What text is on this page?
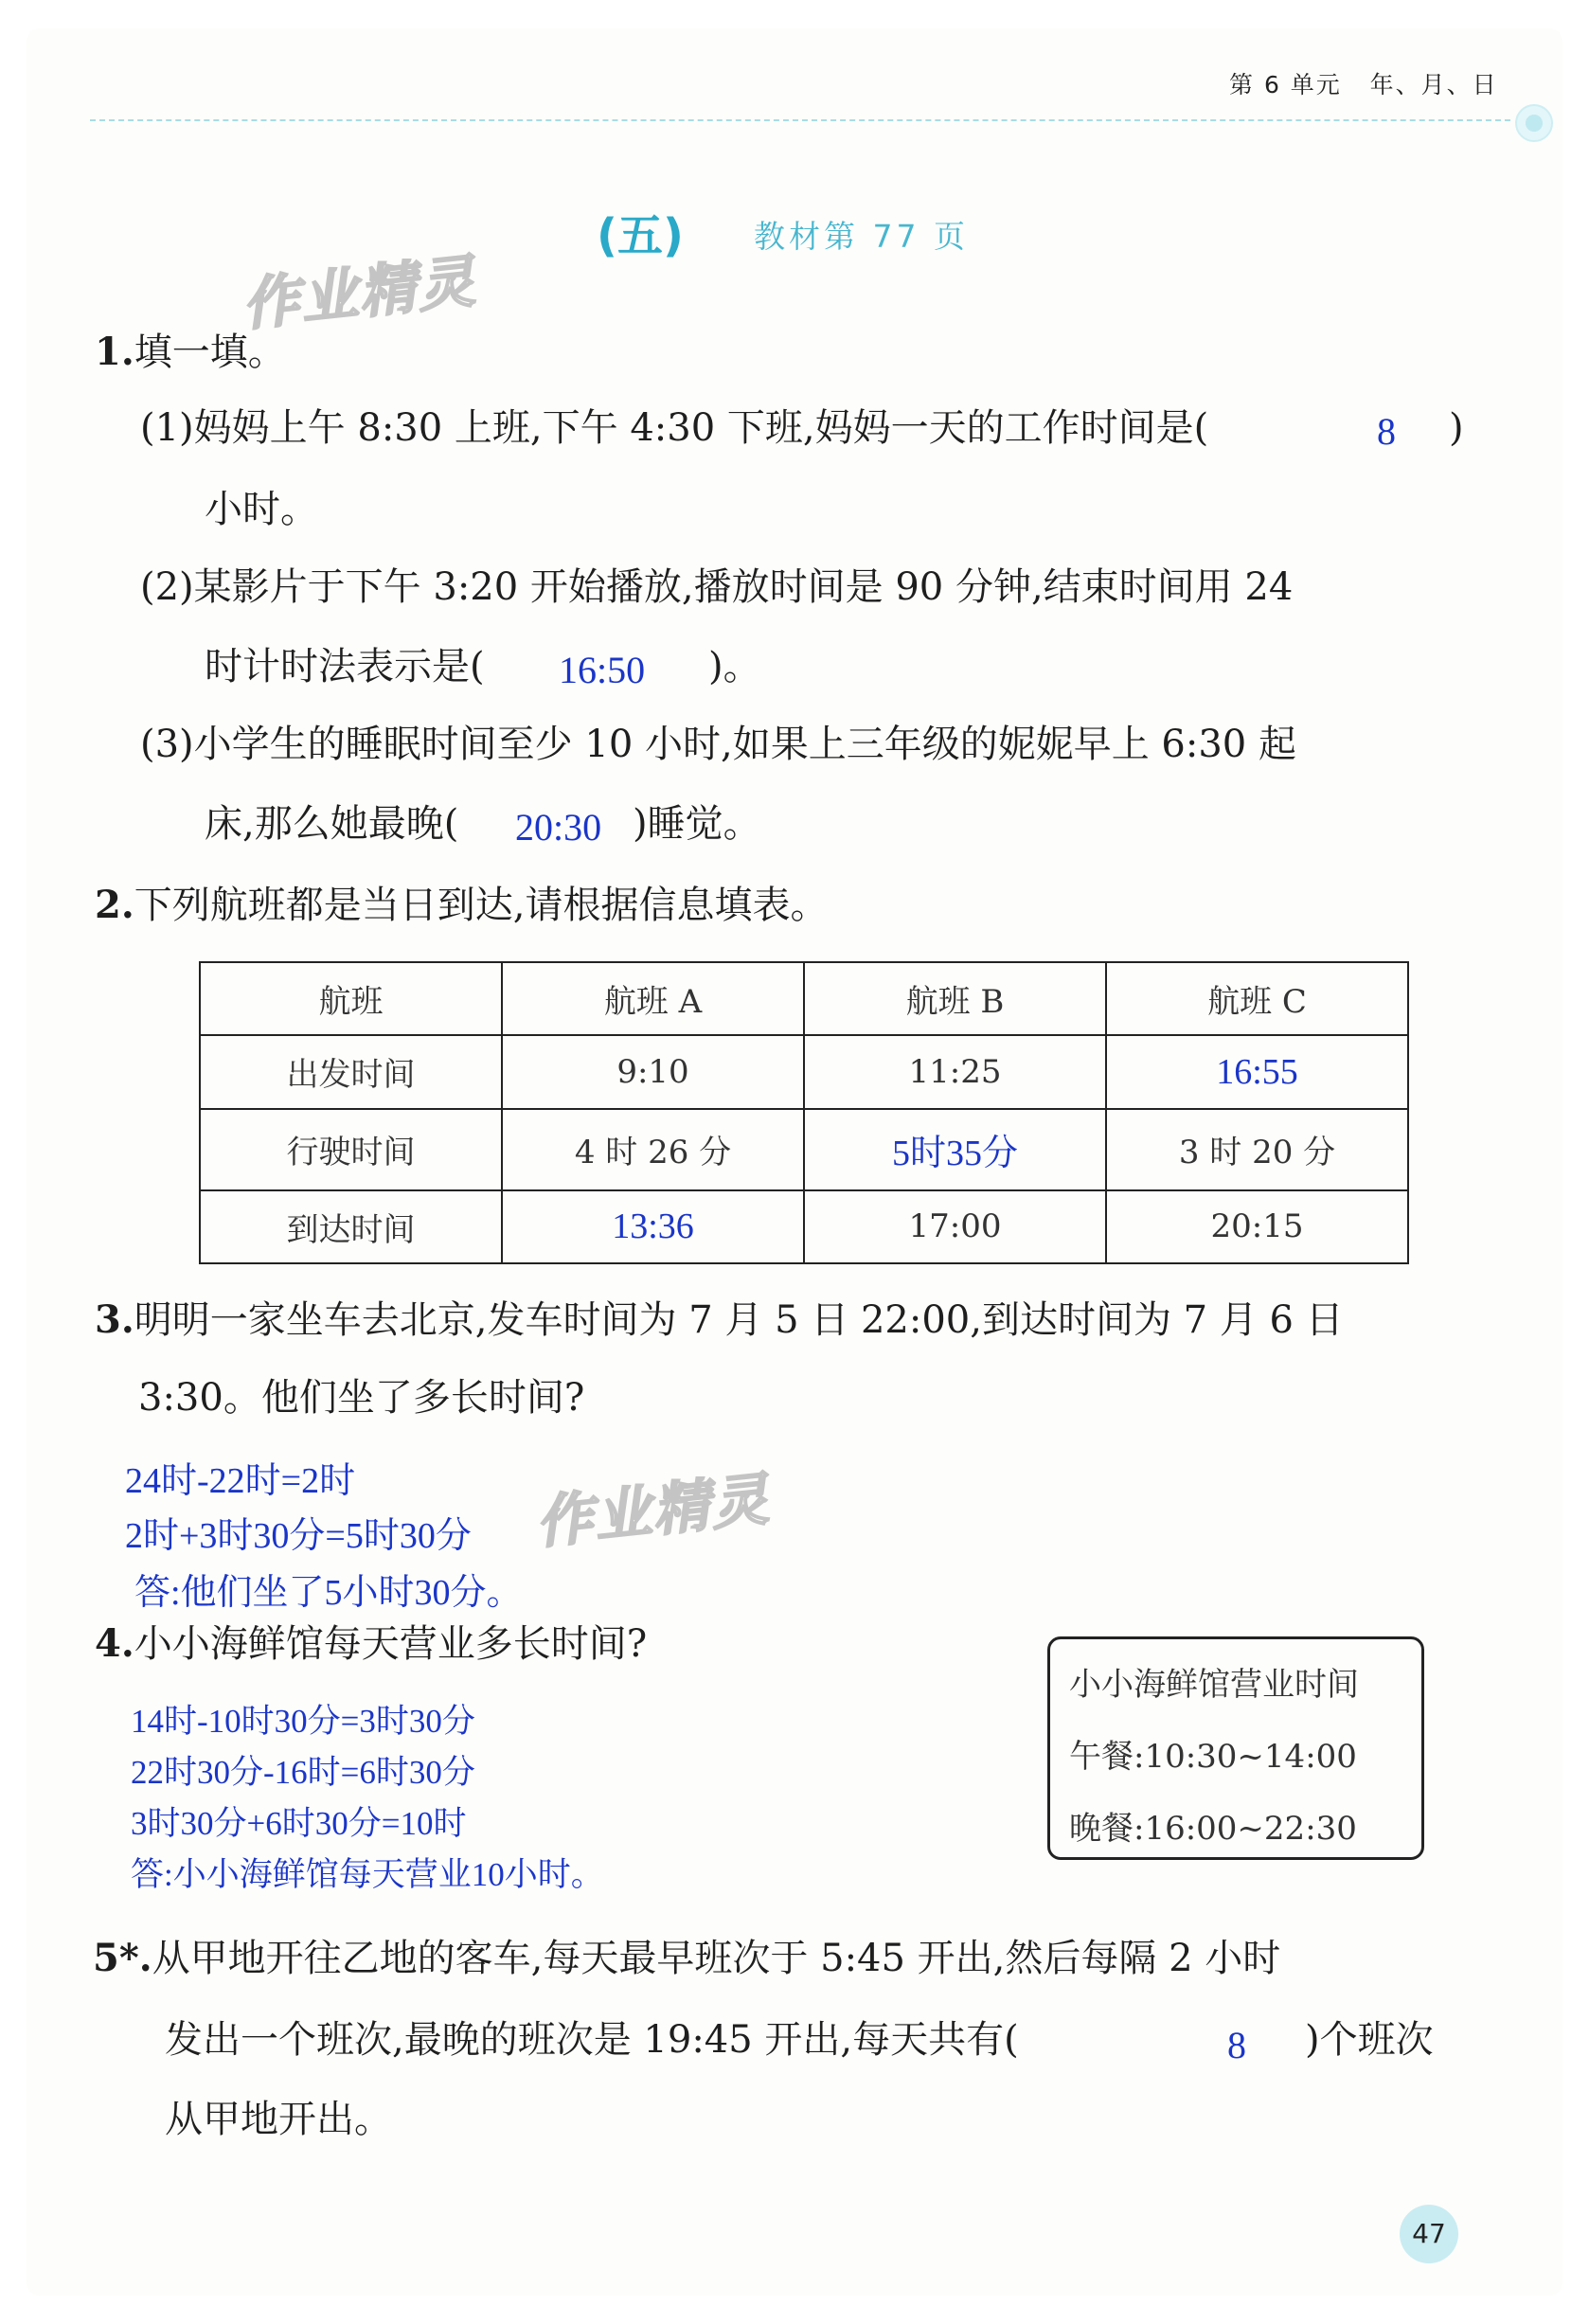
第 6 单元 年、月、日
(五) 教材第 77 页
作业精灵
1.填一填。
(1)妈妈上午 8:30 上班,下午 4:30 下班,妈妈一天的工作时间是(	8 )
小时。
(2)某影片于下午 3:20 开始播放,播放时间是 90 分钟,结束时间用 24
时计时法表示是( 16:50 )。
(3)小学生的睡眠时间至少 10 小时,如果上三年级的妮妮早上 6:30 起
床,那么她最晚( 20:30 )睡觉。
2.下列航班都是当日到达,请根据信息填表。
航班	航班 A	航班 B	航班 C
出发时间	9:10	11:25	16:55
行驶时间	4 时 26 分	5时35分	3 时 20 分
到达时间	13:36	17:00	20:15
3.明明一家坐车去北京,发车时间为 7 月 5 日 22:00,到达时间为 7 月 6 日
3:30。他们坐了多长时间?
24时-22时=2时
2时+3时30分=5时30分
答:他们坐了5小时30分。
作业精灵
4.小小海鲜馆每天营业多长时间?
14时-10时30分=3时30分
22时30分-16时=6时30分
3时30分+6时30分=10时
答:小小海鲜馆每天营业10小时。
小小海鲜馆营业时间
午餐:10:30~14:00
晚餐:16:00~22:30
5*.从甲地开往乙地的客车,每天最早班次于 5:45 开出,然后每隔 2 小时
发出一个班次,最晚的班次是 19:45 开出,每天共有(	8 )个班次
从甲地开出。
47
